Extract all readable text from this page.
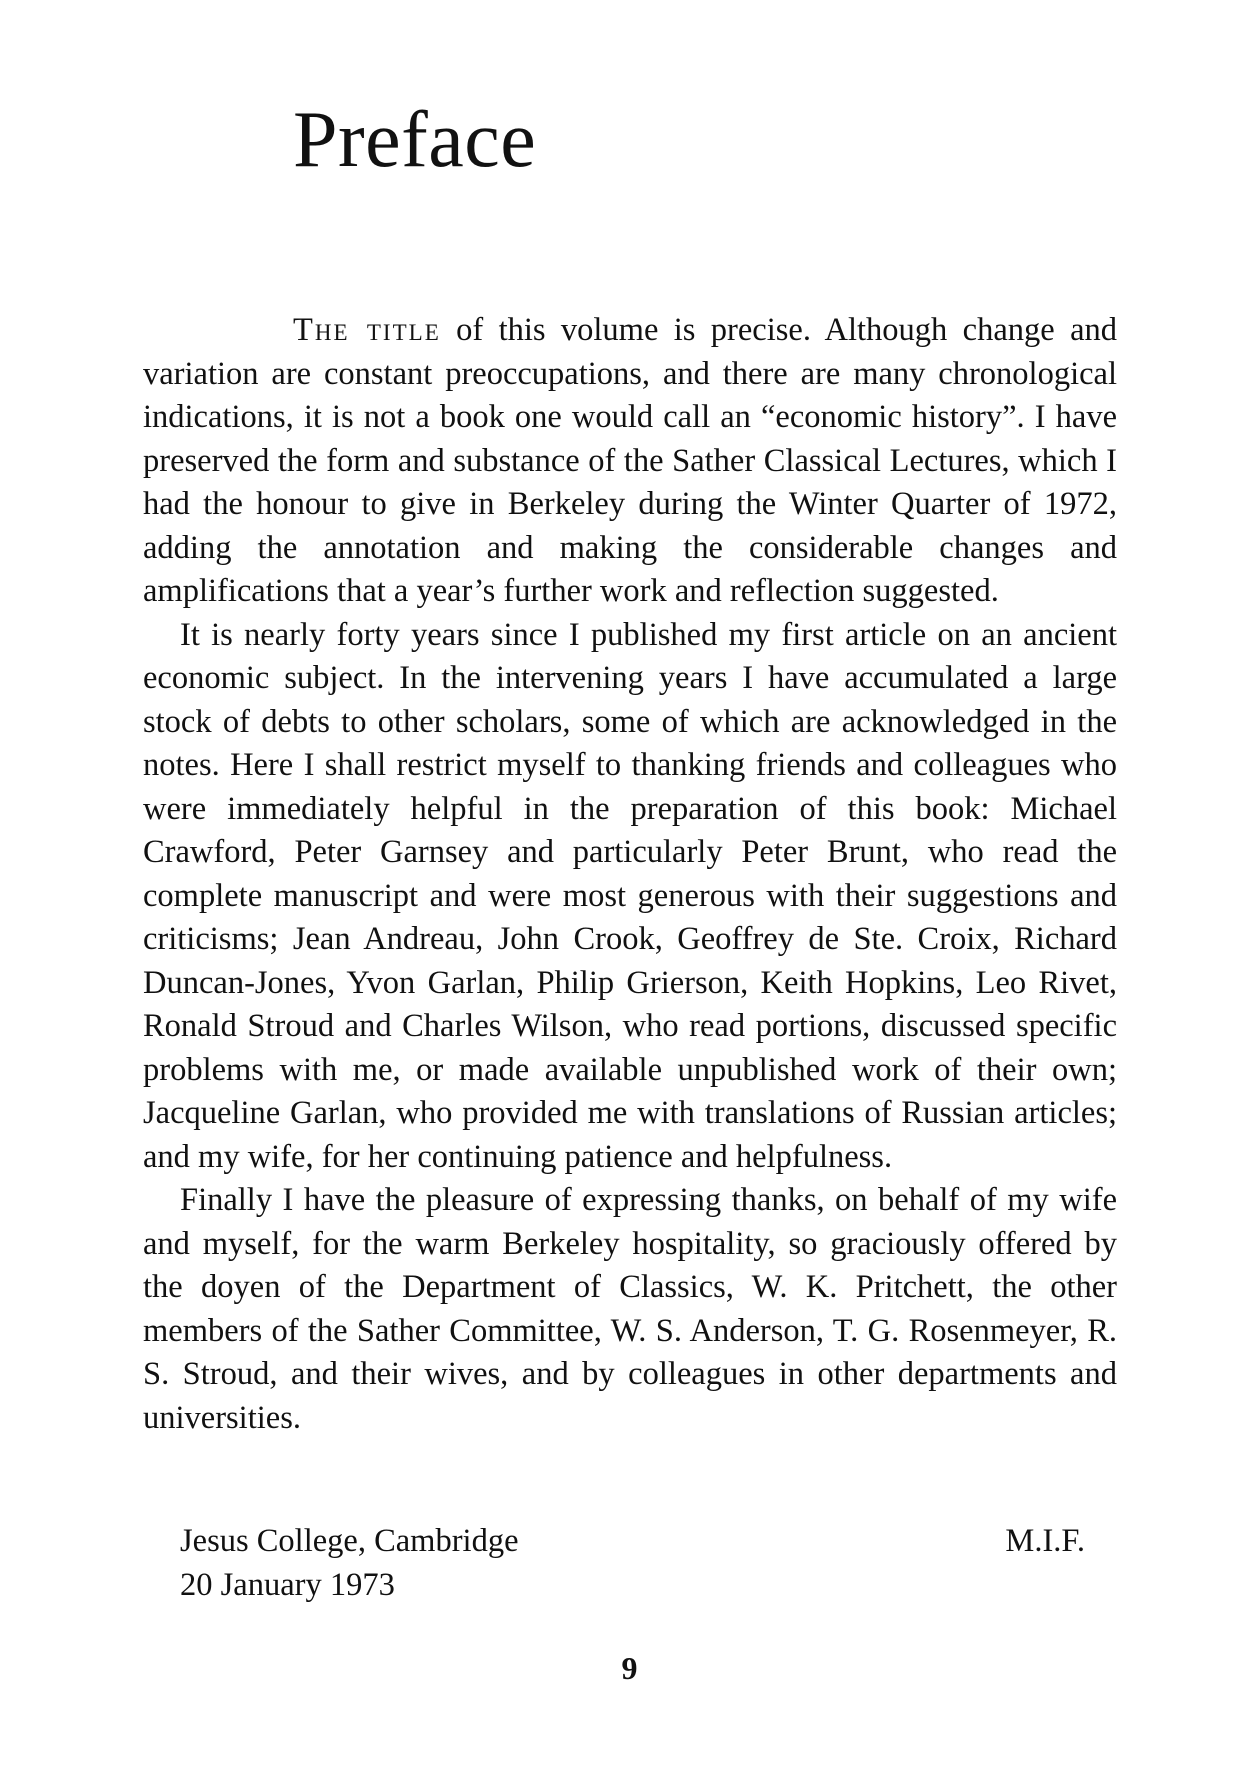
Preface

The title of this volume is precise. Although change and variation are constant preoccupations, and there are many chronological indications, it is not a book one would call an “economic history”. I have preserved the form and substance of the Sather Classical Lectures, which I had the honour to give in Berkeley during the Winter Quarter of 1972, adding the annotation and making the considerable changes and amplifications that a year’s further work and reflection suggested.

It is nearly forty years since I published my first article on an ancient economic subject. In the intervening years I have accumulated a large stock of debts to other scholars, some of which are acknowledged in the notes. Here I shall restrict myself to thanking friends and colleagues who were immediately helpful in the preparation of this book: Michael Crawford, Peter Garnsey and particularly Peter Brunt, who read the complete manuscript and were most generous with their suggestions and criticisms; Jean Andreau, John Crook, Geoffrey de Ste. Croix, Richard Duncan-Jones, Yvon Garlan, Philip Grierson, Keith Hopkins, Leo Rivet, Ronald Stroud and Charles Wilson, who read portions, discussed specific problems with me, or made available unpublished work of their own; Jacqueline Garlan, who provided me with translations of Russian articles; and my wife, for her continuing patience and helpfulness.

Finally I have the pleasure of expressing thanks, on behalf of my wife and myself, for the warm Berkeley hospitality, so graciously offered by the doyen of the Department of Classics, W. K. Pritchett, the other members of the Sather Committee, W. S. Anderson, T. G. Rosenmeyer, R. S. Stroud, and their wives, and by colleagues in other departments and universities.

Jesus College, Cambridge	M.I.F.
20 January 1973
9
